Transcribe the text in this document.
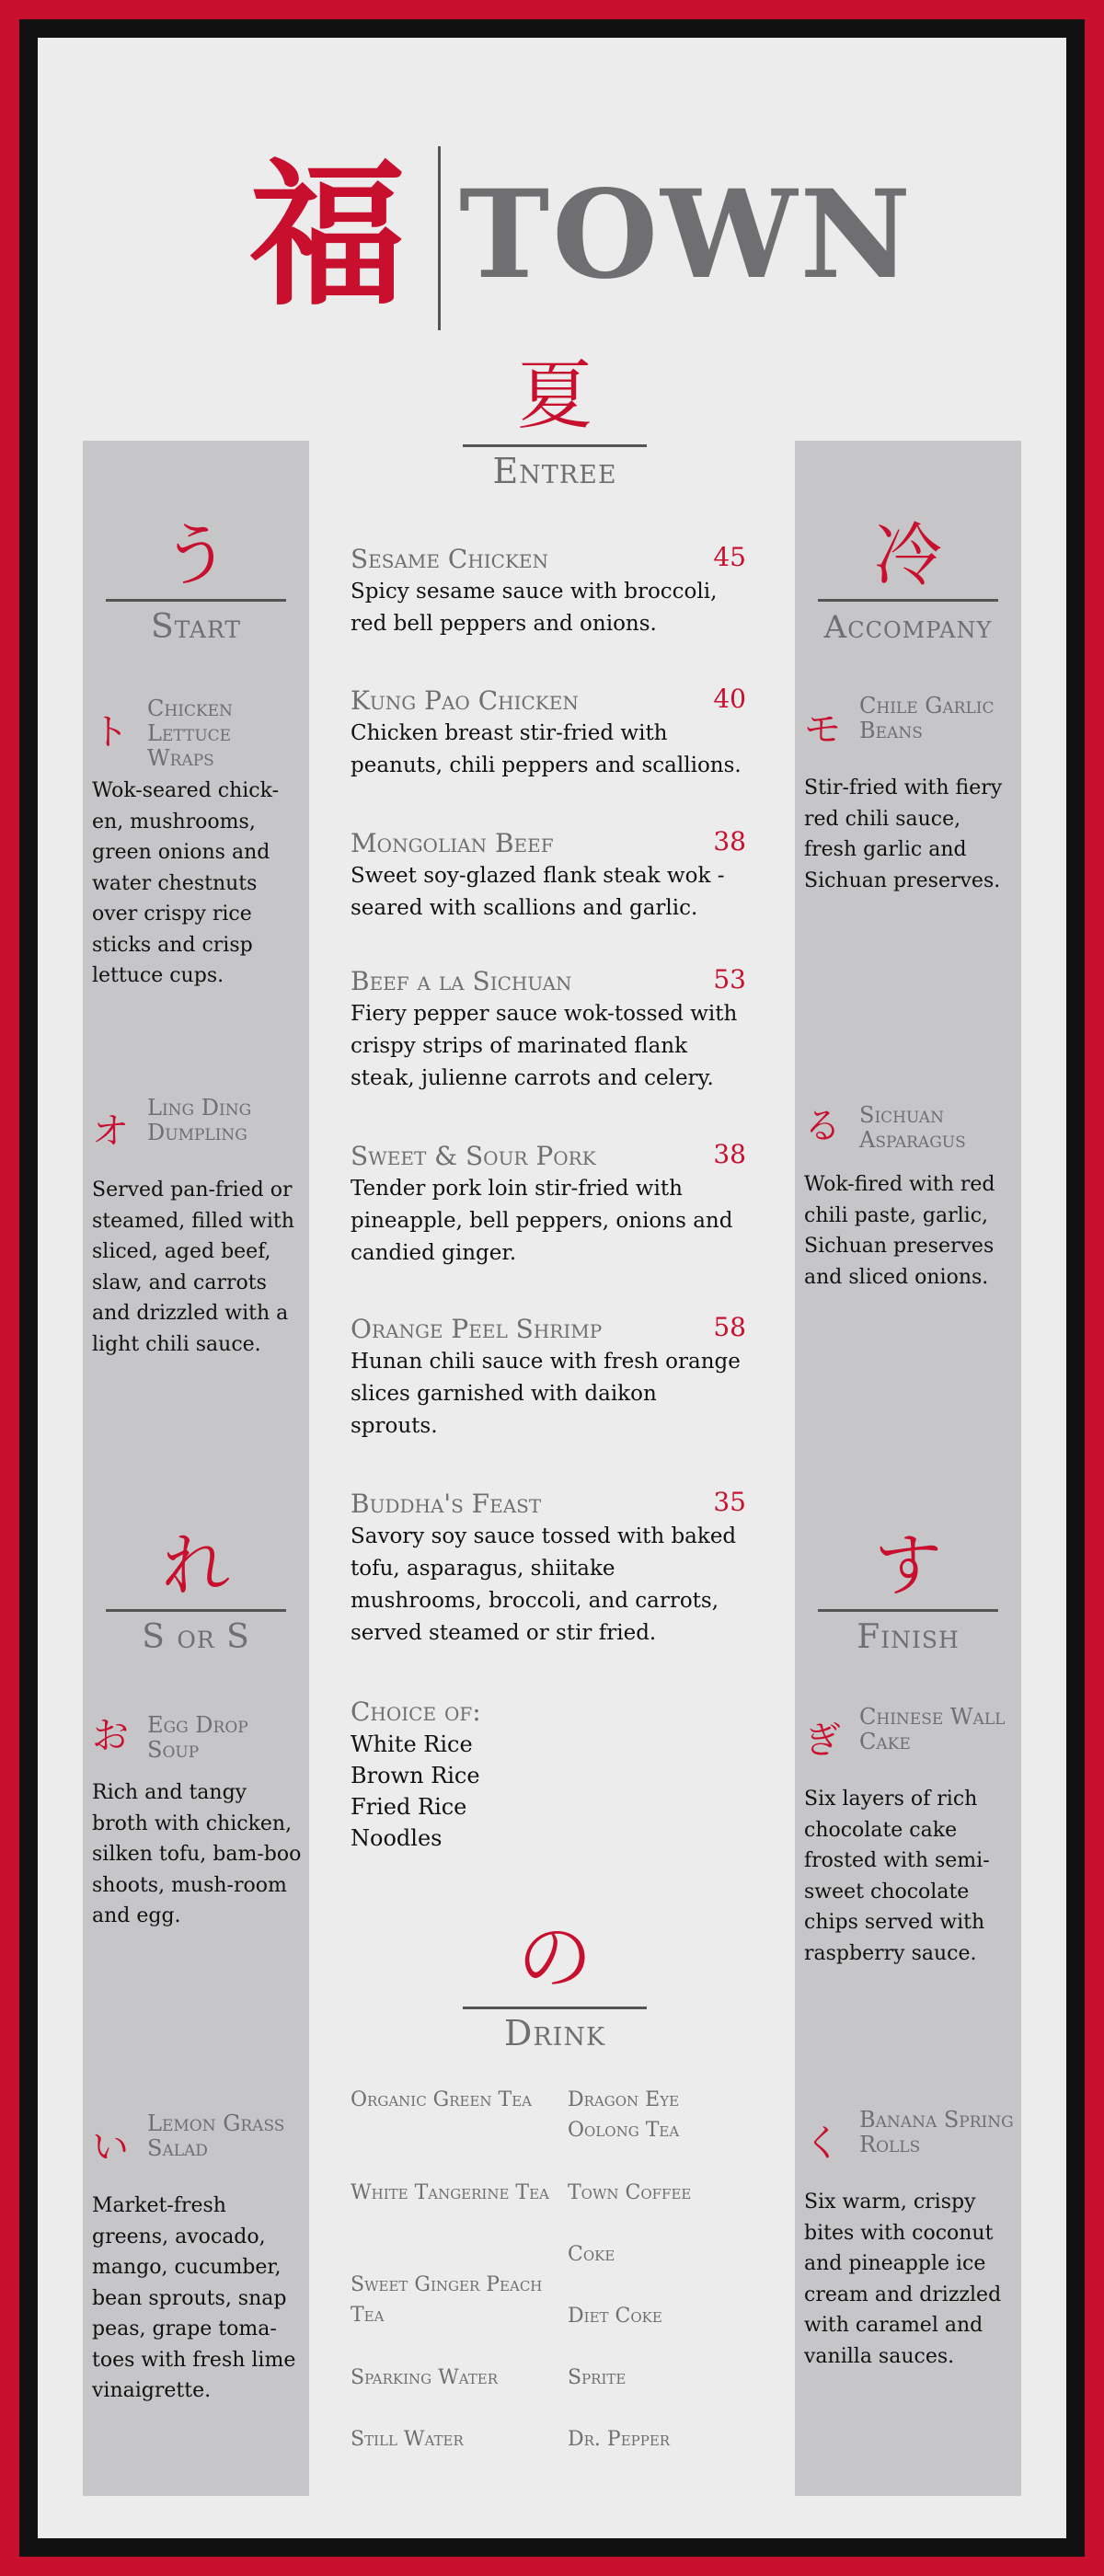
福 TOWN
う
Start
ト
Chicken Lettuce Wraps
Wok-seared chick-en, mushrooms, green onions and water chestnuts over crispy rice sticks and crisp lettuce cups.
オ
Ling Ding Dumpling
Served pan-fried or steamed, filled with sliced, aged beef, slaw, and carrots and drizzled with a light chili sauce.
れ
S or S
お Egg Drop Soup
Rich and tangy broth with chicken, silken tofu, bam-boo shoots, mush-room and egg.
い
Lemon Grass Salad
Market-fresh greens, avocado, mango, cucumber, bean sprouts, snap peas, grape toma-toes with fresh lime vinaigrette.
冷
Accompany
モ
Chile Garlic Beans
Stir-fried with fiery red chili sauce, fresh garlic and Sichuan preserves.
る Sichuan Asparagus
Wok-fired with red chili paste, garlic, Sichuan preserves and sliced onions.
す
Finish
ぎ
Chinese Wall Cake
Six layers of rich chocolate cake frosted with semi-sweet chocolate chips served with raspberry sauce.
く
Banana Spring Rolls
Six warm, crispy bites with coconut and pineapple ice cream and drizzled with caramel and vanilla sauces.
夏
Entree
Sesame Chicken	45
Spicy sesame sauce with broccoli, red bell peppers and onions.
Kung Pao Chicken	40
Chicken breast stir-fried with peanuts, chili peppers and scallions.
Mongolian Beef	38
Sweet soy-glazed flank steak wok -seared with scallions and garlic.
Beef a la Sichuan	53
Fiery pepper sauce wok-tossed with crispy strips of marinated flank steak, julienne carrots and celery.
Sweet & Sour Pork	38
Tender pork loin stir-fried with pineapple, bell peppers, onions and candied ginger.
Orange Peel Shrimp	58
Hunan chili sauce with fresh orange slices garnished with daikon sprouts.
Buddha's Feast	35
Savory soy sauce tossed with baked tofu, asparagus, shiitake mushrooms, broccoli, and carrots, served steamed or stir fried.
Choice of:
White Rice
Brown Rice
Fried Rice
Noodles
の
Drink
Organic Green Tea
White Tangerine Tea
Sweet Ginger Peach Tea
Sparking Water
Still Water
Dragon Eye Oolong Tea
Town Coffee
Coke
Diet Coke
Sprite
Dr. Pepper
